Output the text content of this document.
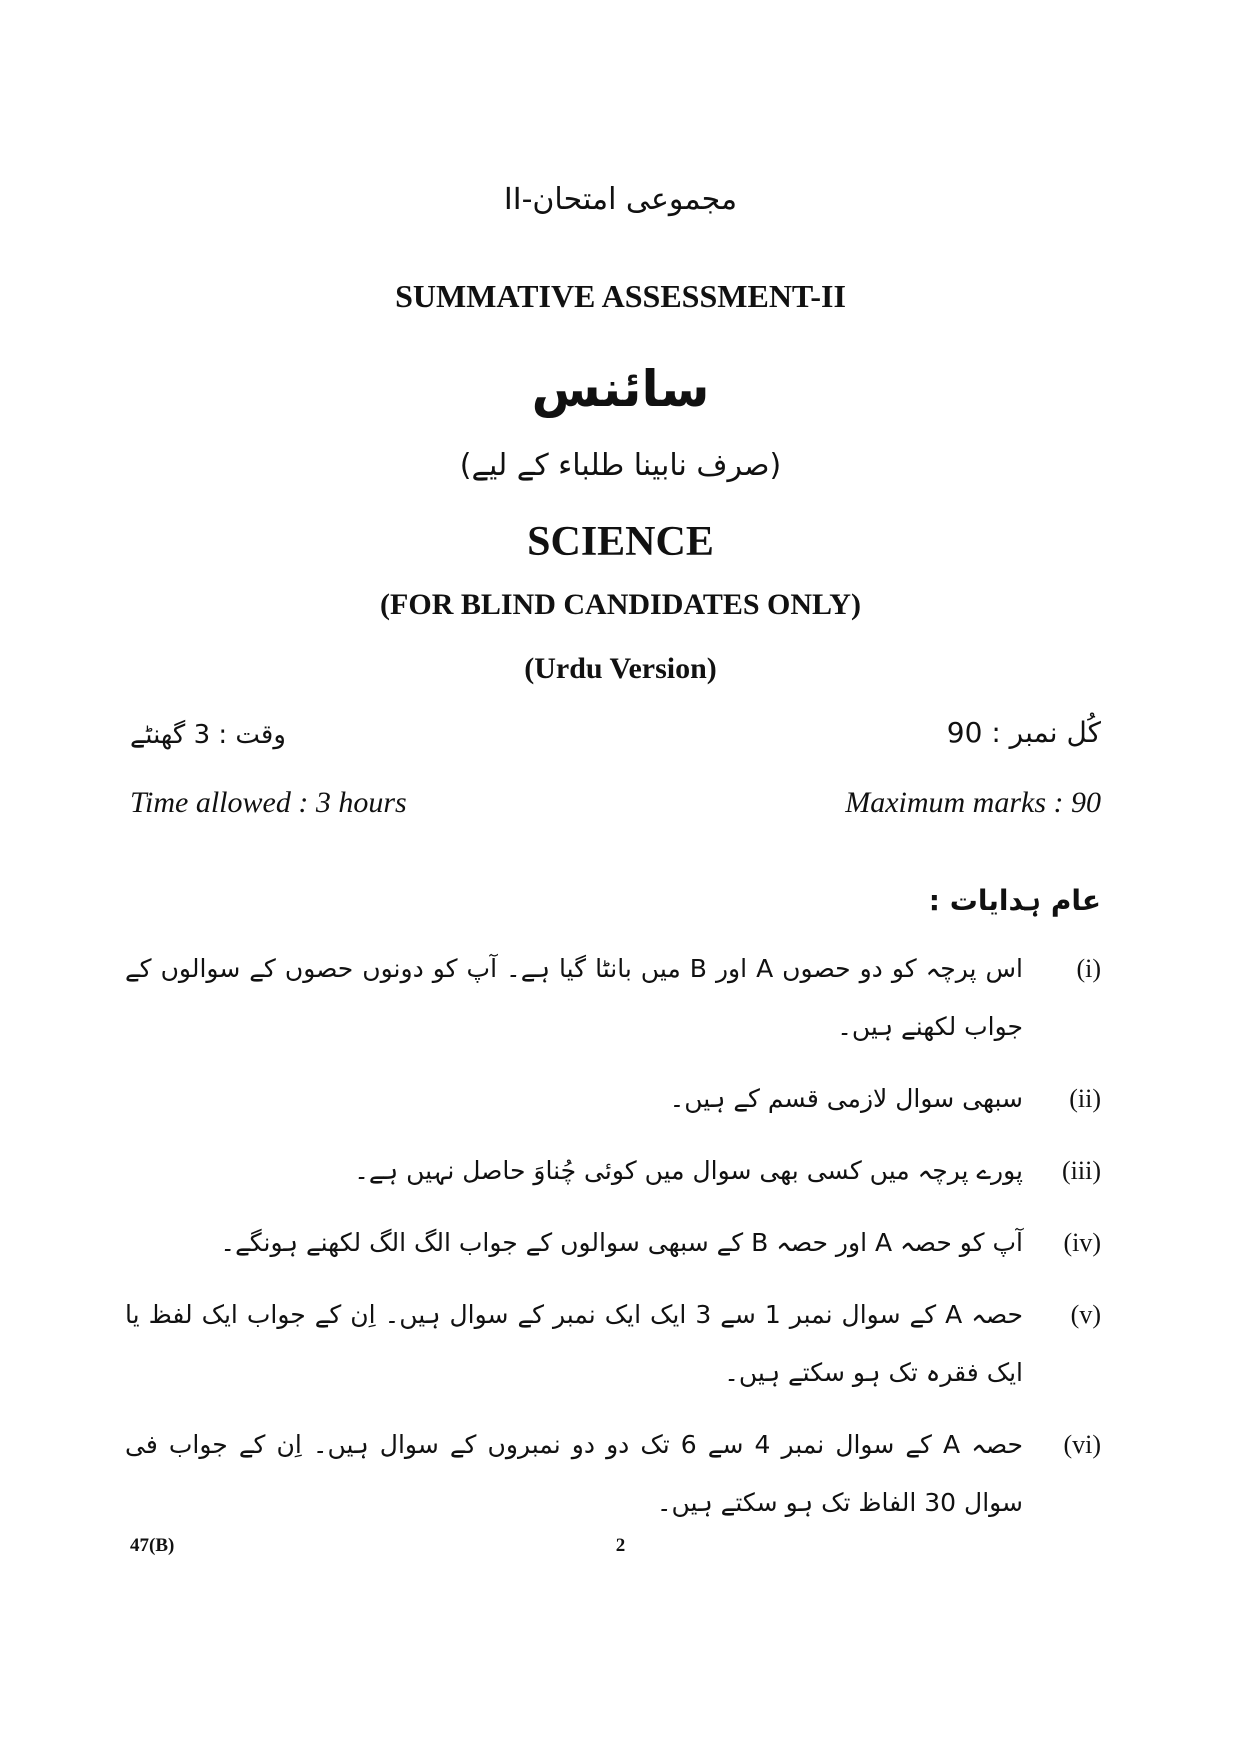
مجموعی امتحان-II
SUMMATIVE ASSESSMENT-II
سائنس
(صرف نابینا طلباء کے لیے)
SCIENCE
(FOR BLIND CANDIDATES ONLY)
(Urdu Version)
وقت : 3 گھنٹے	کُل نمبر : 90
Time allowed : 3 hours	Maximum marks : 90
عام ہدایات :
(i)
اس پرچہ کو دو حصوں A اور B میں بانٹا گیا ہے۔ آپ کو دونوں حصوں کے سوالوں کے جواب لکھنے ہیں۔
(ii)
سبھی سوال لازمی قسم کے ہیں۔
(iii)
پورے پرچہ میں کسی بھی سوال میں کوئی چُناوَ حاصل نہیں ہے۔
(iv)
آپ کو حصہ A اور حصہ B کے سبھی سوالوں کے جواب الگ الگ لکھنے ہونگے۔
(v)
حصہ A کے سوال نمبر 1 سے 3 ایک ایک نمبر کے سوال ہیں۔ اِن کے جواب ایک لفظ یا ایک فقرہ تک ہو سکتے ہیں۔
(vi)
حصہ A کے سوال نمبر 4 سے 6 تک دو دو نمبروں کے سوال ہیں۔ اِن کے جواب فی سوال 30 الفاظ تک ہو سکتے ہیں۔
47(B)	2
